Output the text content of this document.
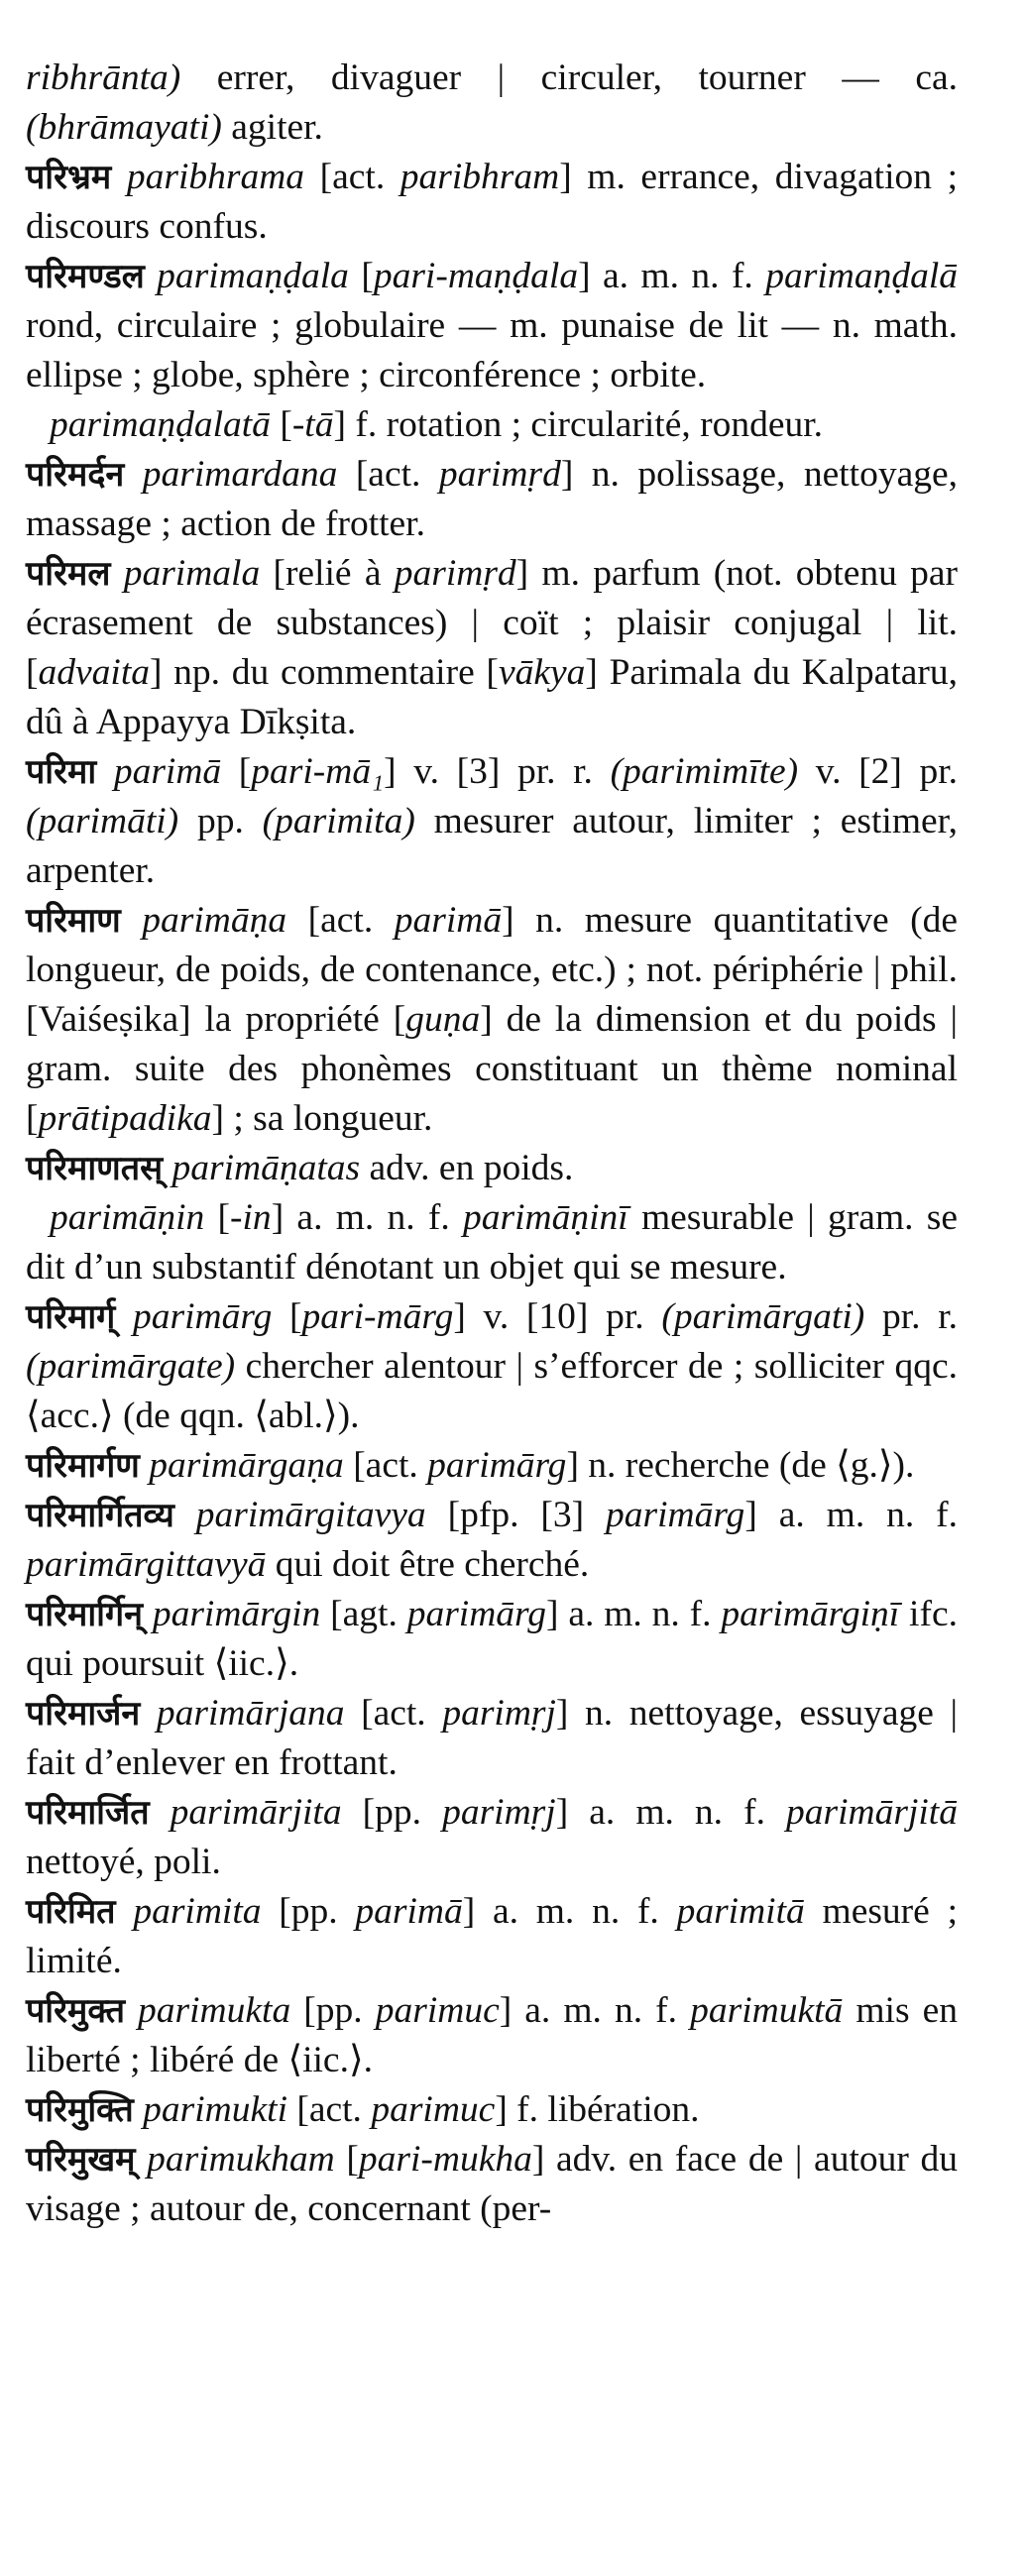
ribhrānta) errer, divaguer | circuler, tourner — ca. (bhrāmayati) agiter.

परिभ्रम paribhrama [act. paribhram] m. errance, divagation ; discours confus.

परिमण्डल parimaṇḍala [pari-maṇḍala] a. m. n. f. parimaṇḍalā rond, circulaire ; globulaire — m. punaise de lit — n. math. ellipse ; globe, sphère ; circonférence ; orbite.

parimaṇḍalatā [-tā] f. rotation ; circularité, rondeur.

परिमर्दन parimardana [act. parimṛd] n. polissage, nettoyage, massage ; action de frotter.

परिमल parimala [relié à parimṛd] m. parfum (not. obtenu par écrasement de substances) | coït ; plaisir conjugal | lit. [advaita] np. du commentaire [vākya] Parimala du Kalpataru, dû à Appayya Dīkṣita.

परिमा parimā [pari-mā₁] v. [3] pr. r. (parimimīte) v. [2] pr. (parimāti) pp. (parimita) mesurer autour, limiter ; estimer, arpenter.

परिमाण parimāṇa [act. parimā] n. mesure quantitative (de longueur, de poids, de contenance, etc.) ; not. périphérie | phil. [Vaiśeṣika] la propriété [guṇa] de la dimension et du poids | gram. suite des phonèmes constituant un thème nominal [prātipadika] ; sa longueur.

परिमाणतस् parimāṇatas adv. en poids.

parimāṇin [-in] a. m. n. f. parimāṇinī mesurable | gram. se dit d’un substantif dénotant un objet qui se mesure.

परिमार्ग् parimārg [pari-mārg] v. [10] pr. (parimārgati) pr. r. (parimārgate) chercher alentour | s’efforcer de ; solliciter qqc. ⟨acc.⟩ (de qqn. ⟨abl.⟩).

परिमार्गण parimārgaṇa [act. parimārg] n. recherche (de ⟨g.⟩).

परिमार्गितव्य parimārgitavya [pfp. [3] parimārg] a. m. n. f. parimārgittavyā qui doit être cherché.

परिमार्गिन् parimārgin [agt. parimārg] a. m. n. f. parimārgiṇī ifc. qui poursuit ⟨iic.⟩.

परिमार्जन parimārjana [act. parimṛj] n. nettoyage, essuyage | fait d’enlever en frottant.

परिमार्जित parimārjita [pp. parimṛj] a. m. n. f. parimārjitā nettoyé, poli.

परिमित parimita [pp. parimā] a. m. n. f. parimitā mesuré ; limité.

परिमुक्त parimukta [pp. parimuc] a. m. n. f. parimuktā mis en liberté ; libéré de ⟨iic.⟩.

परिमुक्ति parimukti [act. parimuc] f. libération.

परिमुखम् parimukham [pari-mukha] adv. en face de | autour du visage ; autour de, concernant (per-
